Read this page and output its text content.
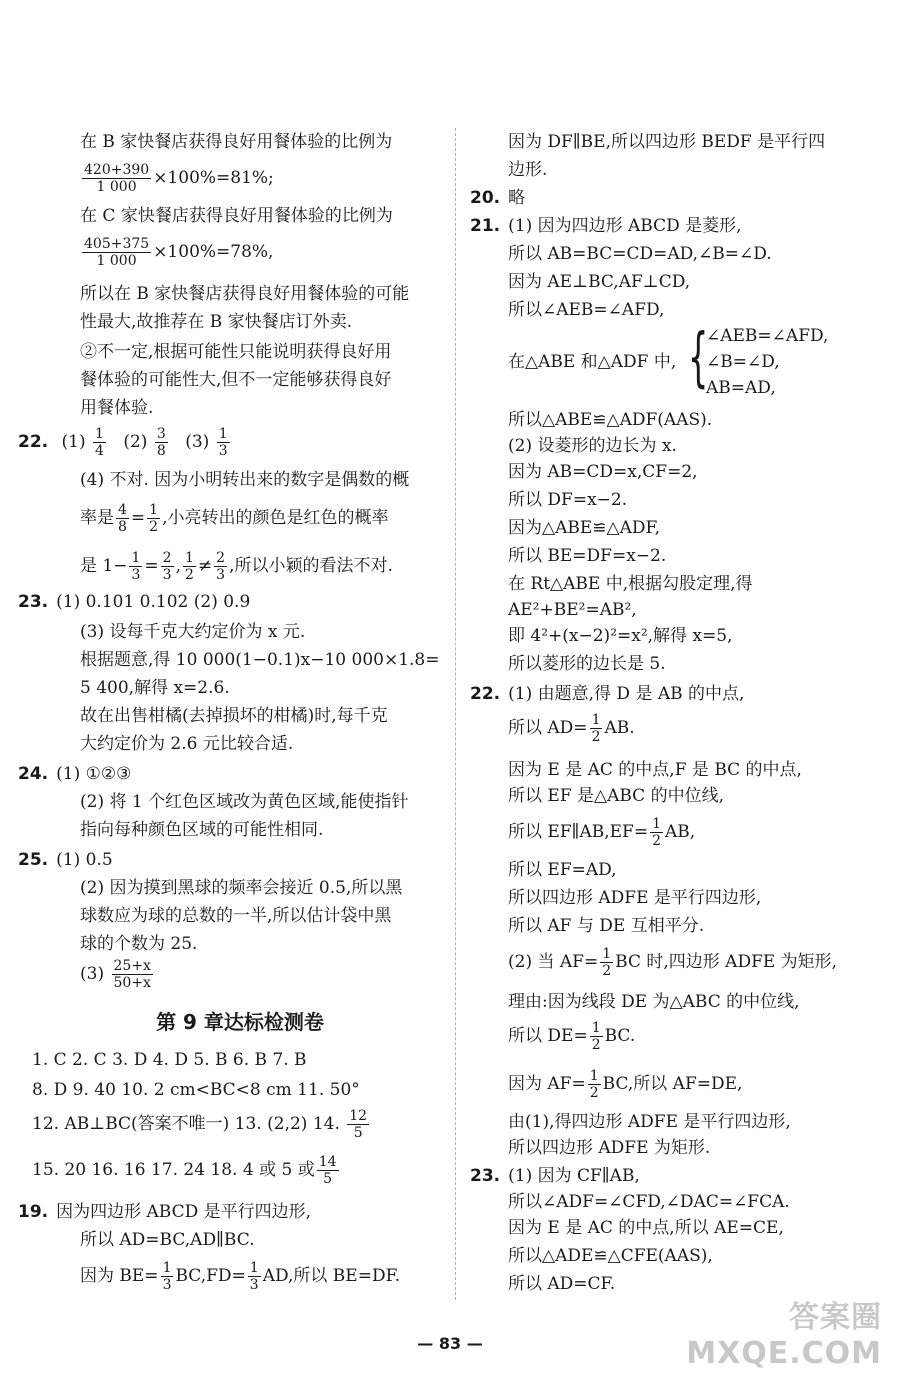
在 B 家快餐店获得良好用餐体验的比例为
$\frac{420+390}{1 000} \times 100\%=81\%$;
在 C 家快餐店获得良好用餐体验的比例为
$\frac{405+375}{1 000} \times 100\%=78\%$,
所以在 B 家快餐店获得良好用餐体验的可能
性最大,故推荐在 B 家快餐店订外卖.
②不一定,根据可能性只能说明获得良好用
餐体验的可能性大,但不一定能够获得良好
用餐体验.
22. $(1) \frac{1}{4} (2) \frac{3}{8} (3) \frac{1}{3}$
(4) 不对. 因为小明转出来的数字是偶数的概
率是 $\frac{4}{8} = \frac{1}{2}$ ,小亮转出的颜色是红色的概率
是 $1- \frac{1}{3} = \frac{2}{3}$ , $\frac{1}{2} \ne \frac{2}{3}$ ,所以小颖的看法不对.
23. (1) 0.101 0.102 (2) 0.9
(3) 设每千克大约定价为 x 元.
根据题意,得 10 000(1−0.1)x−10 000×1.8=
5 400,解得 x=2.6.
故在出售柑橘(去掉损坏的柑橘)时,每千克
大约定价为 2.6 元比较合适.
24. (1) ①②③
(2) 将 1 个红色区域改为黄色区域,能使指针
指向每种颜色区域的可能性相同.
25. (1) 0.5
(2) 因为摸到黑球的频率会接近 0.5,所以黑
球数应为球的总数的一半,所以估计袋中黑
球的个数为 25.
$(3) \frac{25+x}{50+x}$
第 9 章达标检测卷
1. C 2. C 3. D 4. D 5. B 6. B 7. B
8. D 9. 40 10. 2 cm<BC<8 cm 11. 50°
12. AB⊥BC(答案不唯一) 13. (2,2) 14. $\frac{12}{5}$
15. 20 16. 16 17. 24 18. 4 或 5 或 $\frac{14}{5}$
19. 因为四边形 ABCD 是平行四边形,
所以 AD=BC,AD∥BC.
因为 $BE= \frac{1}{3} BC,FD= \frac{1}{3}$ AD,所以 BE=DF.
因为 DF∥BE,所以四边形 BEDF 是平行四
边形.
20. 略
21. (1) 因为四边形 ABCD 是菱形,
所以 AB=BC=CD=AD,∠B=∠D.
因为 AE⊥BC,AF⊥CD,
所以∠AEB=∠AFD,
在△ABE 和△ADF 中, {
∠AEB=∠AFD,
∠B=∠D,
AB=AD,
所以△ABE≌△ADF(AAS).
(2) 设菱形的边长为 x.
因为 AB=CD=x,CF=2,
所以 DF=x−2.
因为△ABE≌△ADF,
所以 BE=DF=x−2.
在 Rt△ABE 中,根据勾股定理,得
AE²+BE²=AB²,
即 4²+(x−2)²=x²,解得 x=5,
所以菱形的边长是 5.
22. (1) 由题意,得 D 是 AB 的中点,
所以 $AD= \frac{1}{2}$ AB.
因为 E 是 AC 的中点,F 是 BC 的中点,
所以 EF 是△ABC 的中位线,
所以 EF∥AB,EF= $\frac{1}{2}$ AB,
所以 EF=AD,
所以四边形 ADFE 是平行四边形,
所以 AF 与 DE 互相平分.
(2) 当 $AF= \frac{1}{2}$ BC 时,四边形 ADFE 为矩形,
理由:因为线段 DE 为△ABC 的中位线,
所以 $DE= \frac{1}{2}$ BC.
因为 $AF= \frac{1}{2}$ BC,所以 AF=DE,
由(1),得四边形 ADFE 是平行四边形,
所以四边形 ADFE 为矩形.
23. (1) 因为 CF∥AB,
所以∠ADF=∠CFD,∠DAC=∠FCA.
因为 E 是 AC 的中点,所以 AE=CE,
所以△ADE≌△CFE(AAS),
所以 AD=CF.
— 83 —
答案圈
MXQE.COM
